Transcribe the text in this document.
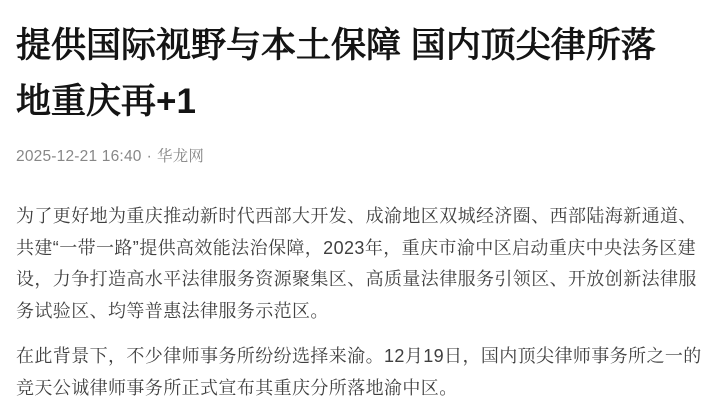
提供国际视野与本土保障 国内顶尖律所落地重庆再+1
2025-12-21 16:40 · 华龙网

为了更好地为重庆推动新时代西部大开发、成渝地区双城经济圈、西部陆海新通道、共建“一带一路”提供高效能法治保障，2023年，重庆市渝中区启动重庆中央法务区建设，力争打造高水平法律服务资源聚集区、高质量法律服务引领区、开放创新法律服务试验区、均等普惠法律服务示范区。

在此背景下，不少律师事务所纷纷选择来渝。12月19日，国内顶尖律师事务所之一的竞天公诚律师事务所正式宣布其重庆分所落地渝中区。
